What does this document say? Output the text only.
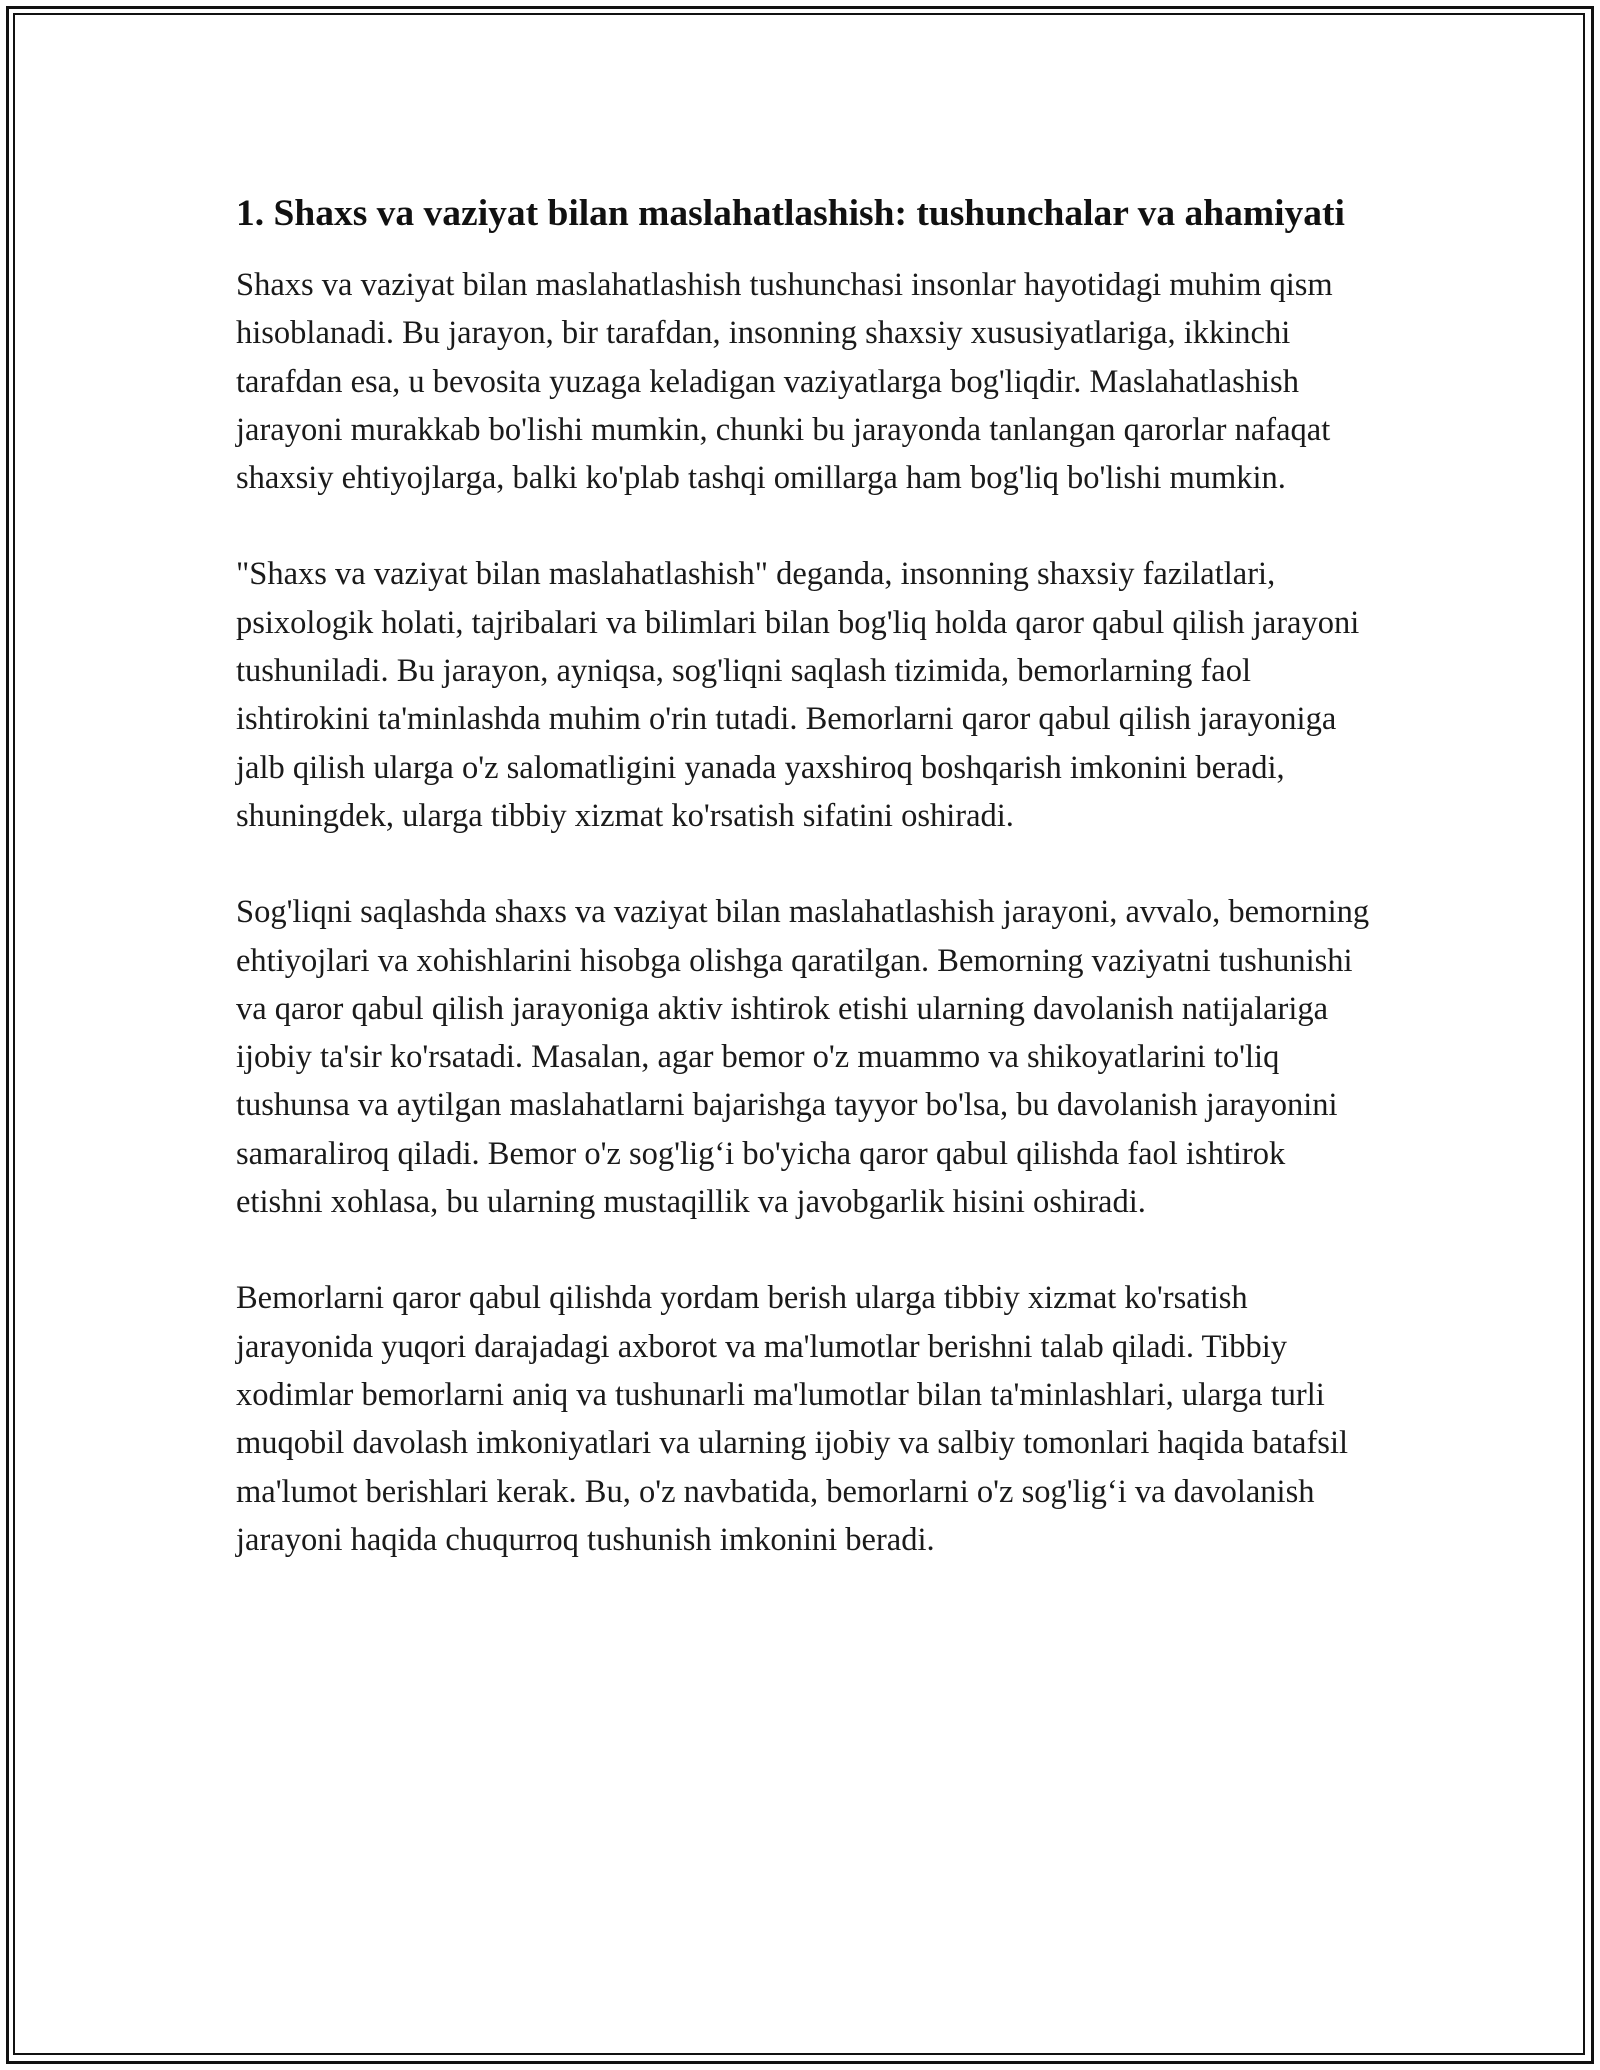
1. Shaxs va vaziyat bilan maslahatlashish: tushunchalar va ahamiyati

Shaxs va vaziyat bilan maslahatlashish tushunchasi insonlar hayotidagi muhim qism hisoblanadi. Bu jarayon, bir tarafdan, insonning shaxsiy xususiyatlariga, ikkinchi tarafdan esa, u bevosita yuzaga keladigan vaziyatlarga bog'liqdir. Maslahatlashish jarayoni murakkab bo'lishi mumkin, chunki bu jarayonda tanlangan qarorlar nafaqat shaxsiy ehtiyojlarga, balki ko'plab tashqi omillarga ham bog'liq bo'lishi mumkin.

"Shaxs va vaziyat bilan maslahatlashish" deganda, insonning shaxsiy fazilatlari, psixologik holati, tajribalari va bilimlari bilan bog'liq holda qaror qabul qilish jarayoni tushuniladi. Bu jarayon, ayniqsa, sog'liqni saqlash tizimida, bemorlarning faol ishtirokini ta'minlashda muhim o'rin tutadi. Bemorlarni qaror qabul qilish jarayoniga jalb qilish ularga o'z salomatligini yanada yaxshiroq boshqarish imkonini beradi, shuningdek, ularga tibbiy xizmat ko'rsatish sifatini oshiradi.

Sog'liqni saqlashda shaxs va vaziyat bilan maslahatlashish jarayoni, avvalo, bemorning ehtiyojlari va xohishlarini hisobga olishga qaratilgan. Bemorning vaziyatni tushunishi va qaror qabul qilish jarayoniga aktiv ishtirok etishi ularning davolanish natijalariga ijobiy ta'sir ko'rsatadi. Masalan, agar bemor o'z muammo va shikoyatlarini to'liq tushunsa va aytilgan maslahatlarni bajarishga tayyor bo'lsa, bu davolanish jarayonini samaraliroq qiladi. Bemor o'z sog'lig‘i bo'yicha qaror qabul qilishda faol ishtirok etishni xohlasa, bu ularning mustaqillik va javobgarlik hisini oshiradi.

Bemorlarni qaror qabul qilishda yordam berish ularga tibbiy xizmat ko'rsatish jarayonida yuqori darajadagi axborot va ma'lumotlar berishni talab qiladi. Tibbiy xodimlar bemorlarni aniq va tushunarli ma'lumotlar bilan ta'minlashlari, ularga turli muqobil davolash imkoniyatlari va ularning ijobiy va salbiy tomonlari haqida batafsil ma'lumot berishlari kerak. Bu, o'z navbatida, bemorlarni o'z sog'lig‘i va davolanish jarayoni haqida chuqurroq tushunish imkonini beradi.
